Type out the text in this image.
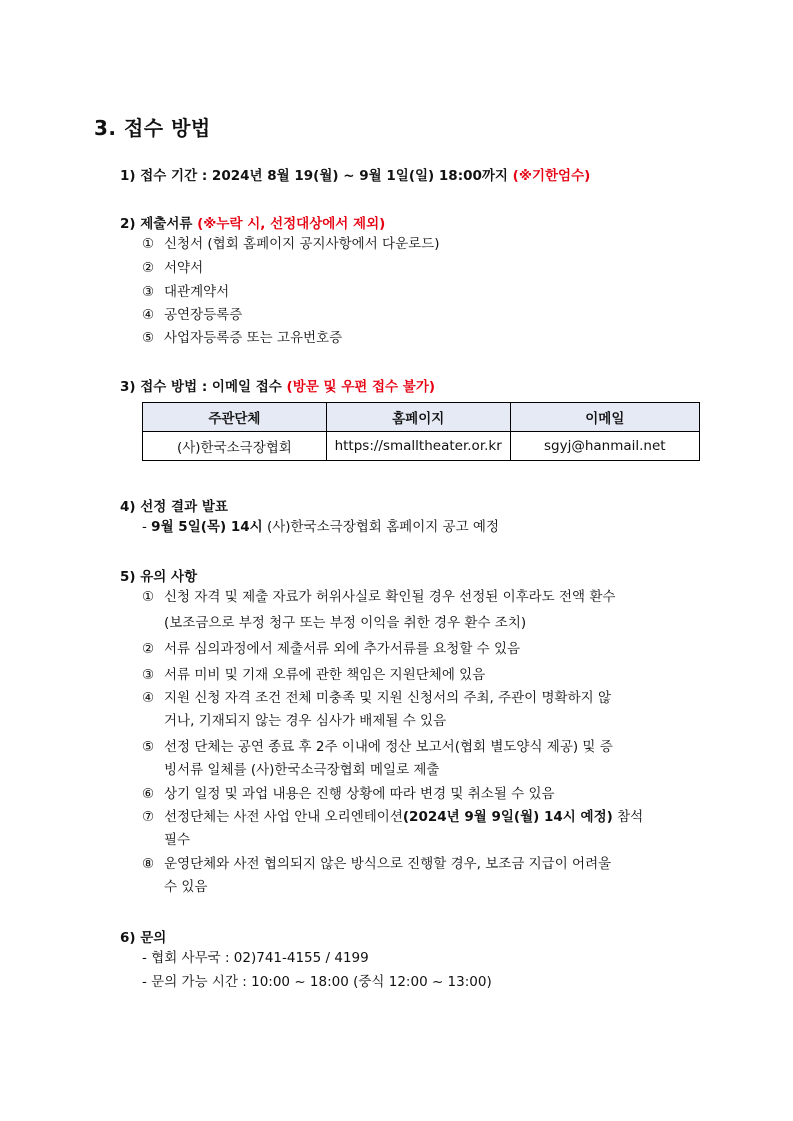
3. 접수 방법
1) 접수 기간 : 2024년 8월 19(월) ~ 9월 1일(일) 18:00까지 (※기한엄수)
2) 제출서류 (※누락 시, 선정대상에서 제외)
① 신청서 (협회 홈페이지 공지사항에서 다운로드)
② 서약서
③ 대관계약서
④ 공연장등록증
⑤ 사업자등록증 또는 고유번호증
3) 접수 방법 : 이메일 접수 (방문 및 우편 접수 불가)
주관단체	홈페이지	이메일
(사)한국소극장협회	https://smalltheater.or.kr	sgyj@hanmail.net
4) 선정 결과 발표
- 9월 5일(목) 14시 (사)한국소극장협회 홈페이지 공고 예정
5) 유의 사항
① 신청 자격 및 제출 자료가 허위사실로 확인될 경우 선정된 이후라도 전액 환수
(보조금으로 부정 청구 또는 부정 이익을 취한 경우 환수 조치)
② 서류 심의과정에서 제출서류 외에 추가서류를 요청할 수 있음
③ 서류 미비 및 기재 오류에 관한 책임은 지원단체에 있음
④ 지원 신청 자격 조건 전체 미충족 및 지원 신청서의 주최, 주관이 명확하지 않
거나, 기재되지 않는 경우 심사가 배제될 수 있음
⑤ 선정 단체는 공연 종료 후 2주 이내에 정산 보고서(협회 별도양식 제공) 및 증
빙서류 일체를 (사)한국소극장협회 메일로 제출
⑥ 상기 일정 및 과업 내용은 진행 상황에 따라 변경 및 취소될 수 있음
⑦ 선정단체는 사전 사업 안내 오리엔테이션(2024년 9월 9일(월) 14시 예정) 참석
필수
⑧ 운영단체와 사전 협의되지 않은 방식으로 진행할 경우, 보조금 지급이 어려울
수 있음
6) 문의
- 협회 사무국 : 02)741-4155 / 4199
- 문의 가능 시간 : 10:00 ~ 18:00 (중식 12:00 ~ 13:00)
